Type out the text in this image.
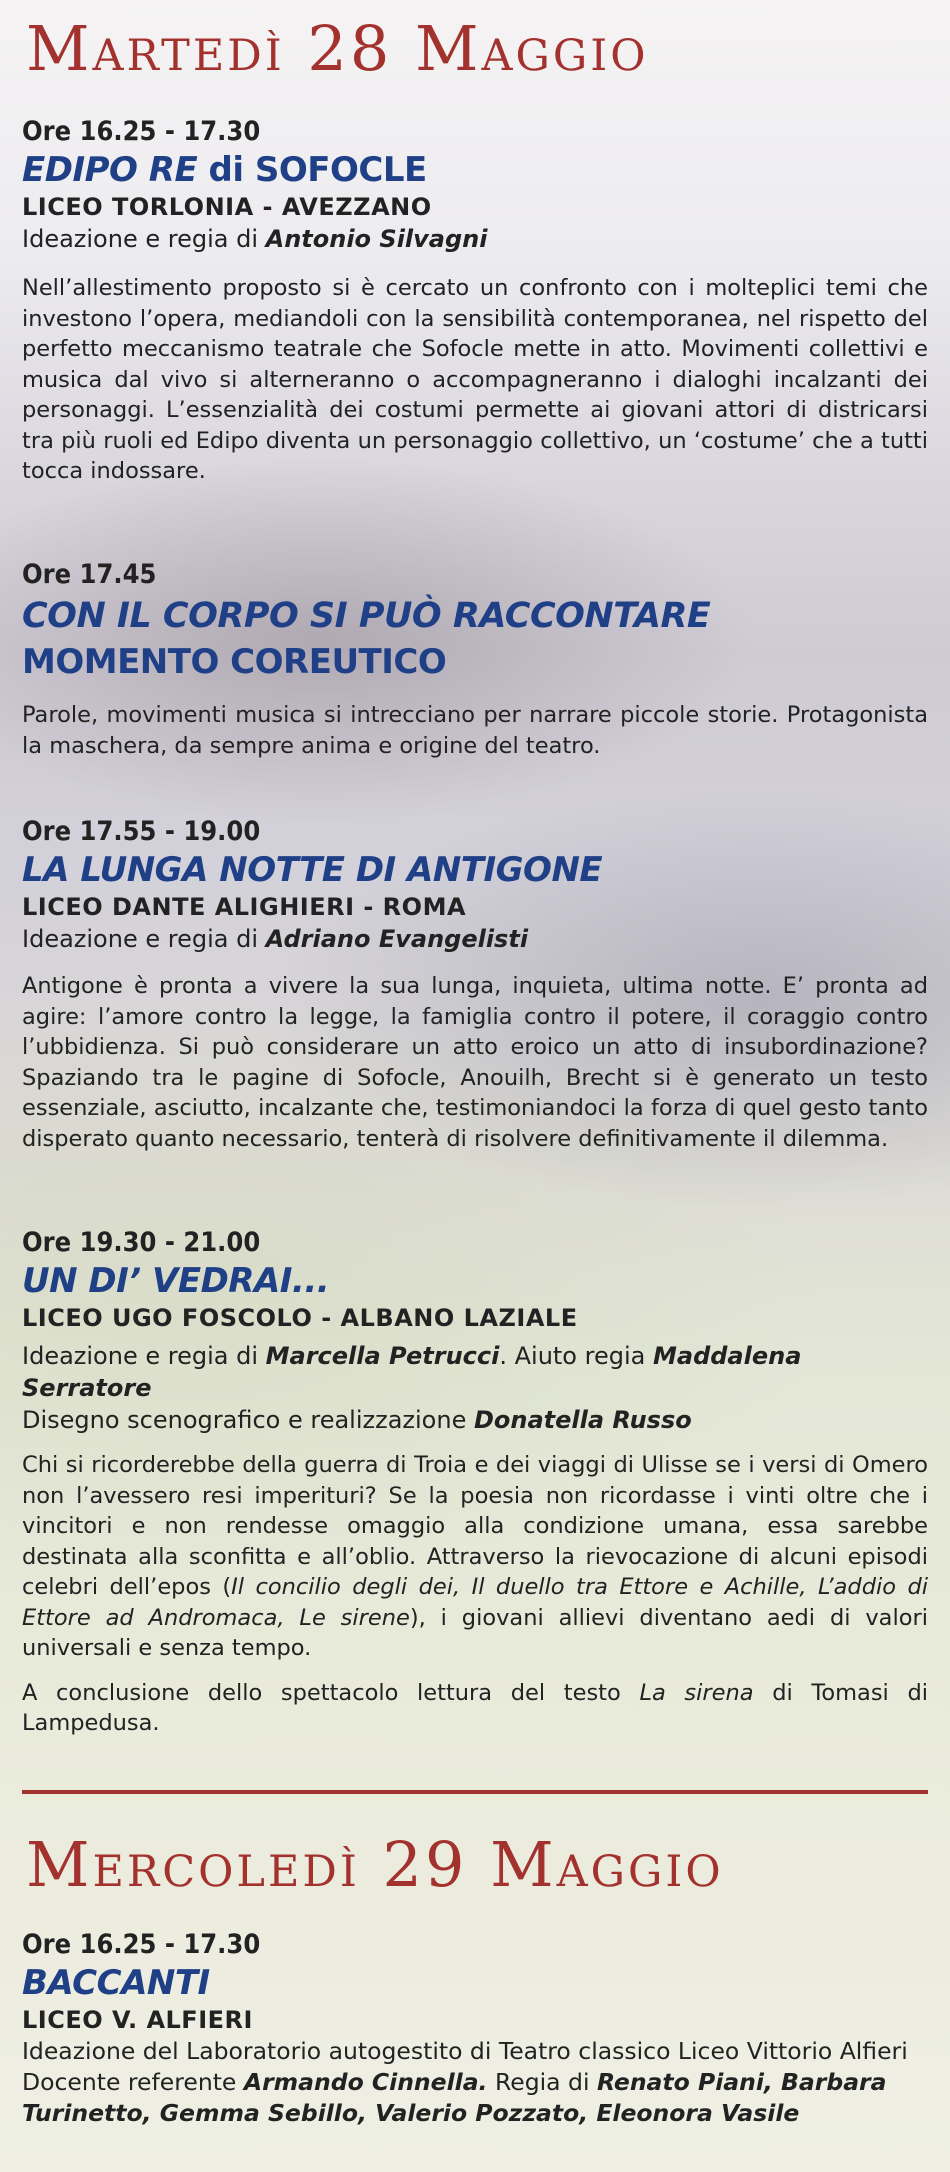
Martedì 28 Maggio

Ore 16.25 - 17.30

EDIPO RE di SOFOCLE

LICEO TORLONIA - AVEZZANO

Ideazione e regia di Antonio Silvagni

Nell’allestimento proposto si è cercato un confronto con i molteplici temi che investono l’opera, mediandoli con la sensibilità contemporanea, nel rispetto del perfetto meccanismo teatrale che Sofocle mette in atto. Movimenti collettivi e musica dal vivo si alterneranno o accompagneranno i dialoghi incalzanti dei personaggi. L’essenzialità dei costumi permette ai giovani attori di districarsi tra più ruoli ed Edipo diventa un personaggio collettivo, un ‘costume’ che a tutti tocca indossare.

Ore 17.45

CON IL CORPO SI PUÒ RACCONTARE

MOMENTO COREUTICO

Parole, movimenti musica si intrecciano per narrare piccole storie. Protagonista la maschera, da sempre anima e origine del teatro.

Ore 17.55 - 19.00

LA LUNGA NOTTE DI ANTIGONE

LICEO DANTE ALIGHIERI - ROMA

Ideazione e regia di Adriano Evangelisti

Antigone è pronta a vivere la sua lunga, inquieta, ultima notte. E’ pronta ad agire: l’amore contro la legge, la famiglia contro il potere, il coraggio contro l’ubbidienza. Si può considerare un atto eroico un atto di insubordinazione? Spaziando tra le pagine di Sofocle, Anouilh, Brecht si è generato un testo essenziale, asciutto, incalzante che, testimoniandoci la forza di quel gesto tanto disperato quanto necessario, tenterà di risolvere definitivamente il dilemma.

Ore 19.30 - 21.00

UN DI’ VEDRAI...

LICEO UGO FOSCOLO - ALBANO LAZIALE

Ideazione e regia di Marcella Petrucci. Aiuto regia Maddalena Serratore

Disegno scenografico e realizzazione Donatella Russo

Chi si ricorderebbe della guerra di Troia e dei viaggi di Ulisse se i versi di Omero non l’avessero resi imperituri? Se la poesia non ricordasse i vinti oltre che i vincitori e non rendesse omaggio alla condizione umana, essa sarebbe destinata alla sconfitta e all’oblio. Attraverso la rievocazione di alcuni episodi celebri dell’epos (Il concilio degli dei, Il duello tra Ettore e Achille, L’addio di Ettore ad Andromaca, Le sirene), i giovani allievi diventano aedi di valori universali e senza tempo.

A conclusione dello spettacolo lettura del testo La sirena di Tomasi di Lampedusa.

Mercoledì 29 Maggio

Ore 16.25 - 17.30

BACCANTI

LICEO V. ALFIERI

Ideazione del Laboratorio autogestito di Teatro classico Liceo Vittorio Alfieri Docente referente Armando Cinnella. Regia di Renato Piani, Barbara Turinetto, Gemma Sebillo, Valerio Pozzato, Eleonora Vasile
